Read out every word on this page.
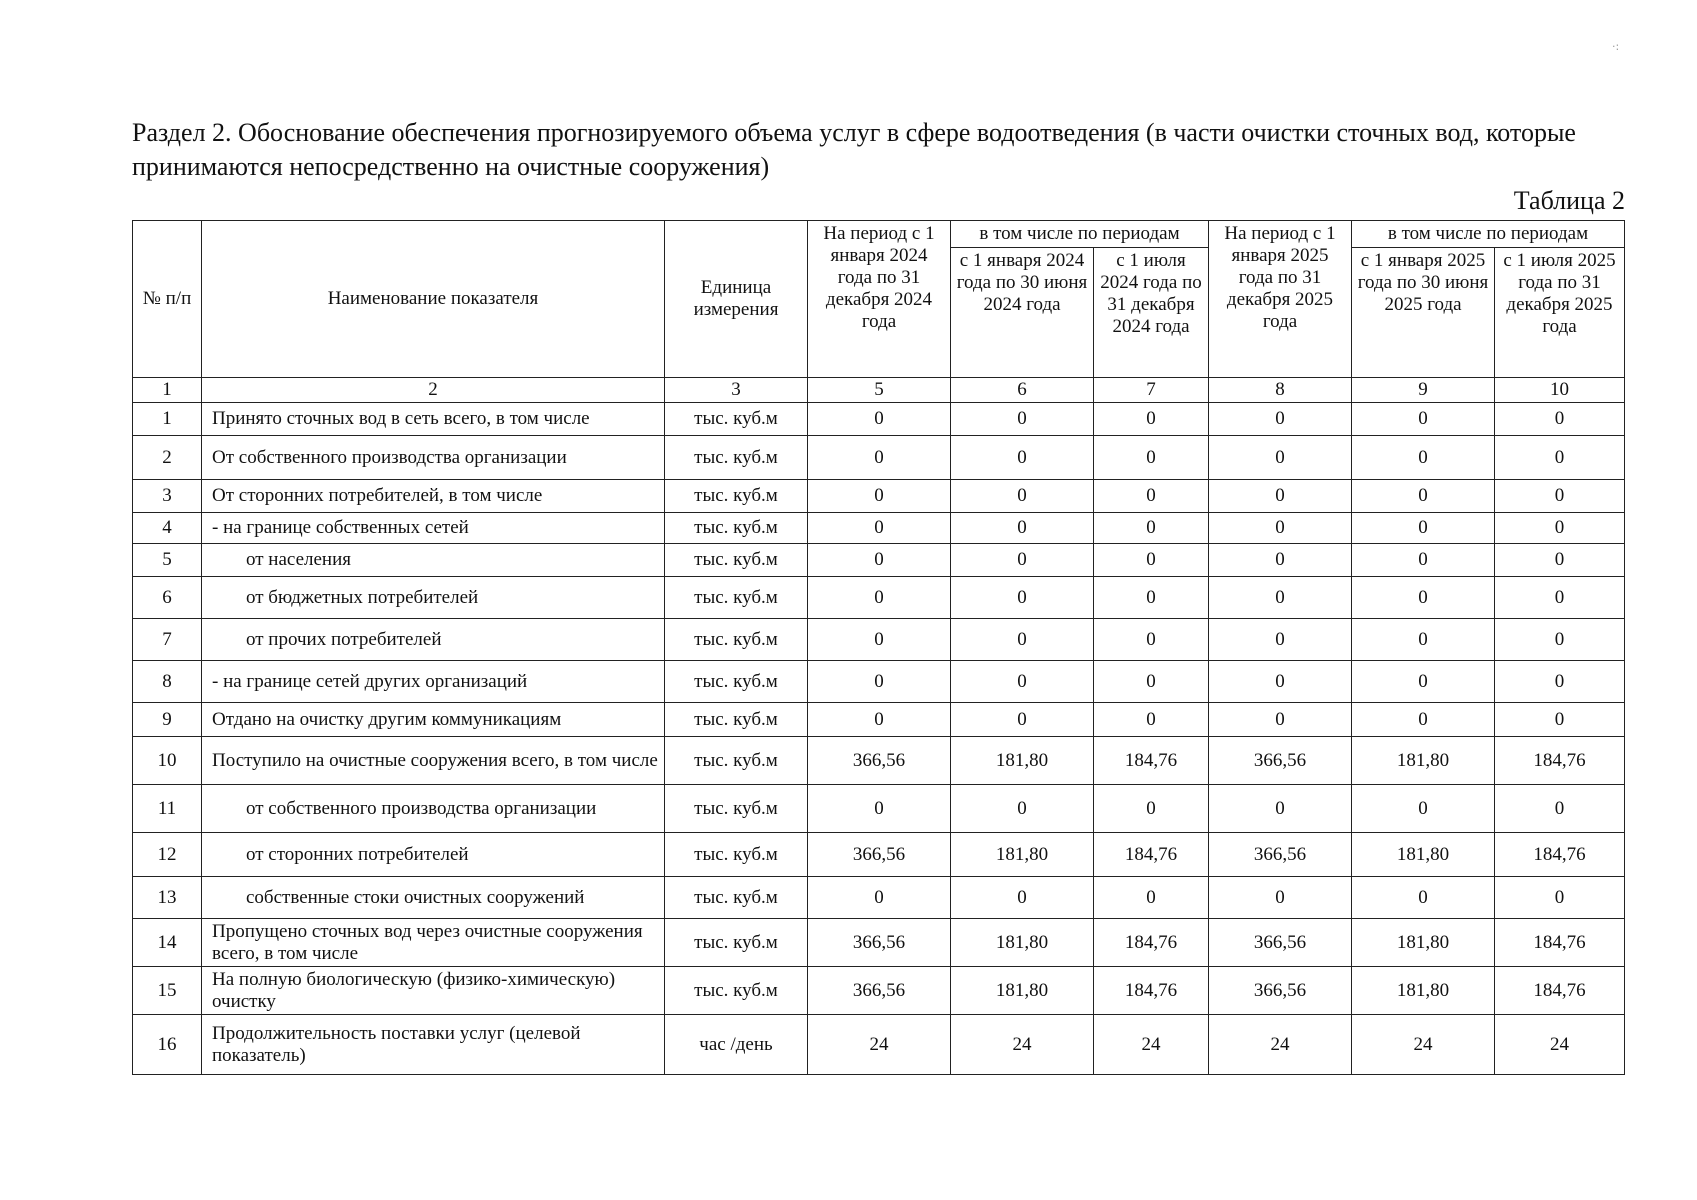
·:
Раздел 2. Обоснование обеспечения прогнозируемого объема услуг в сфере водоотведения (в части очистки сточных вод, которые принимаются непосредственно на очистные сооружения)
Таблица 2
№ п/п	Наименование показателя	Единица измерения	На период с 1 января 2024 года по 31 декабря 2024 года	в том числе по периодам		На период с 1 января 2025 года по 31 декабря 2025 года	в том числе по периодам	
				с 1 января 2024 года по 30 июня 2024 года	с 1 июля 2024 года по 31 декабря 2024 года		с 1 января 2025 года по 30 июня 2025 года	с 1 июля 2025 года по 31 декабря 2025 года
1	2	3	5	6	7	8	9	10
1	Принято сточных вод в сеть всего, в том числе	тыс. куб.м	0	0	0	0	0	0
2	От собственного производства организации	тыс. куб.м	0	0	0	0	0	0
3	От сторонних потребителей, в том числе	тыс. куб.м	0	0	0	0	0	0
4	- на границе собственных сетей	тыс. куб.м	0	0	0	0	0	0
5	от населения	тыс. куб.м	0	0	0	0	0	0
6	от бюджетных потребителей	тыс. куб.м	0	0	0	0	0	0
7	от прочих потребителей	тыс. куб.м	0	0	0	0	0	0
8	- на границе сетей других организаций	тыс. куб.м	0	0	0	0	0	0
9	Отдано на очистку другим коммуникациям	тыс. куб.м	0	0	0	0	0	0
10	Поступило на очистные сооружения всего, в том числе	тыс. куб.м	366,56	181,80	184,76	366,56	181,80	184,76
11	от собственного производства организации	тыс. куб.м	0	0	0	0	0	0
12	от сторонних потребителей	тыс. куб.м	366,56	181,80	184,76	366,56	181,80	184,76
13	собственные стоки очистных сооружений	тыс. куб.м	0	0	0	0	0	0
14	Пропущено сточных вод через очистные сооружения всего, в том числе	тыс. куб.м	366,56	181,80	184,76	366,56	181,80	184,76
15	На полную биологическую (физико-химическую) очистку	тыс. куб.м	366,56	181,80	184,76	366,56	181,80	184,76
16	Продолжительность поставки услуг (целевой показатель)	час /день	24	24	24	24	24	24
